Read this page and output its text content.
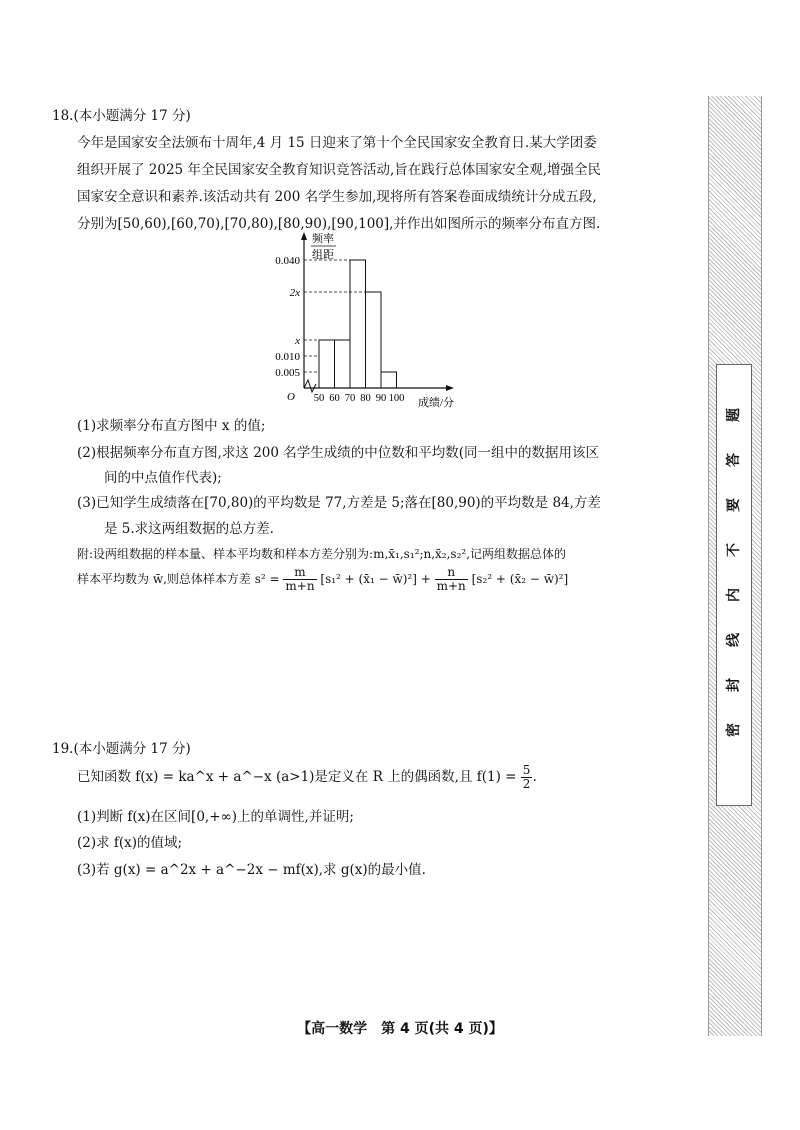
18.(本小题满分 17 分)
今年是国家安全法颁布十周年,4 月 15 日迎来了第十个全民国家安全教育日.某大学团委
组织开展了 2025 年全民国家安全教育知识竞答活动,旨在践行总体国家安全观,增强全民
国家安全意识和素养.该活动共有 200 名学生参加,现将所有答案卷面成绩统计分成五段,
分别为[50,60),[60,70),[70,80),[80,90),[90,100],并作出如图所示的频率分布直方图.
频率
组距
O	成绩/分
0.040
2x
x
0.010
0.005
50 60 70 80 90 100
(1)求频率分布直方图中 x 的值;
(2)根据频率分布直方图,求这 200 名学生成绩的中位数和平均数(同一组中的数据用该区
间的中点值作代表);
(3)已知学生成绩落在[70,80)的平均数是 77,方差是 5;落在[80,90)的平均数是 84,方差
是 5.求这两组数据的总方差.
附:设两组数据的样本量、样本平均数和样本方差分别为:m,x̄₁,s₁²;n,x̄₂,s₂²,记两组数据总体的
样本平均数为 w̄,则总体样本方差 $s^2 = \frac{m}{m+n} [s_1^2$ + (x̄₁ − w̄)²] + $\frac{n}{m+n} [s_2^2$ + (x̄₂ − w̄)²]
19.(本小题满分 17 分)
已知函数 f(x) = ka^x + a^−x (a>1)是定义在 R 上的偶函数,且 $f(1) = \frac{5}{2}$ .
(1)判断 f(x)在区间[0,+∞)上的单调性,并证明;
(2)求 f(x)的值域;
(3)若 g(x) = a^2x + a^−2x − mf(x),求 g(x)的最小值.
密
封
线
内
不
要
答
题
【高一数学　第 4 页(共 4 页)】
